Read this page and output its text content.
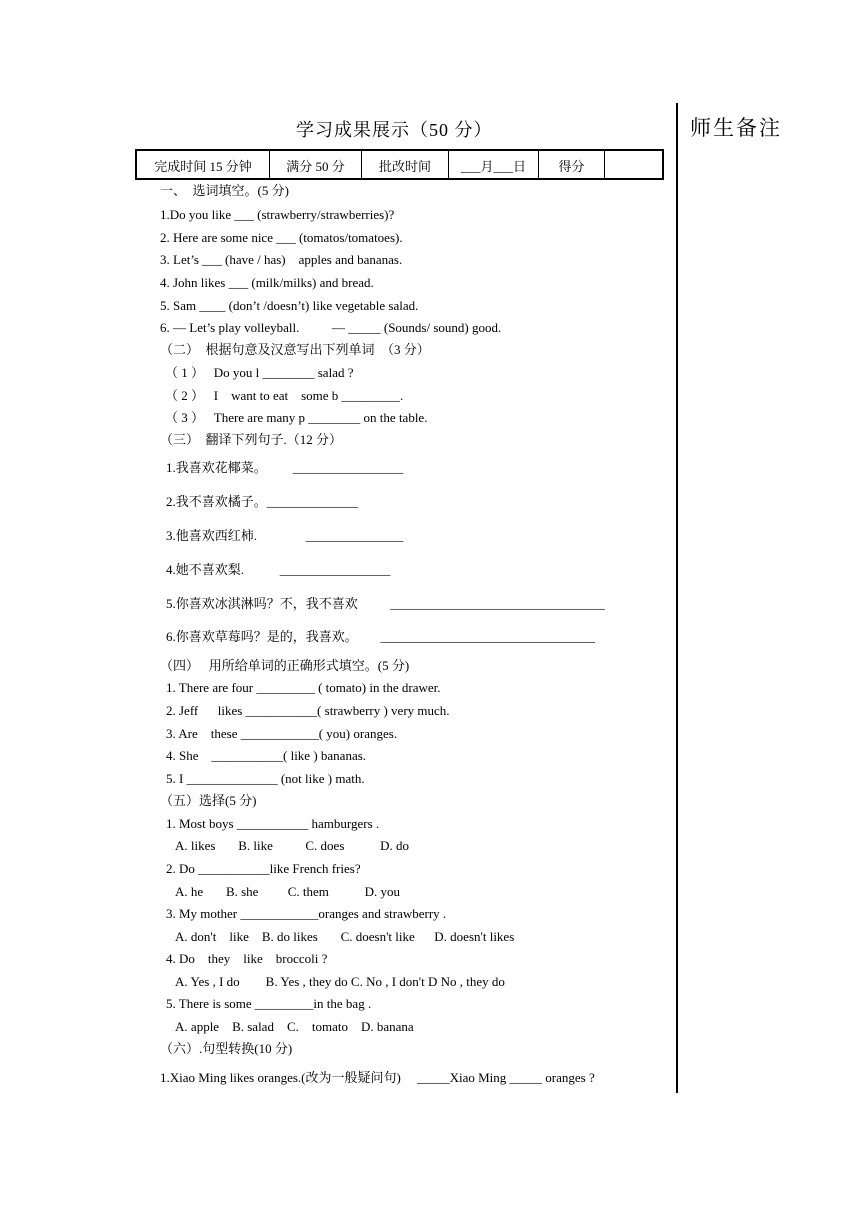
学习成果展示（50 分）	师生备注
完成时间 15 分钟	满分 50 分	批改时间	___月___日	得分
一、  选词填空。(5 分)
1.Do you like ___ (strawberry/strawberries)?
2. Here are some nice ___ (tomatos/tomatoes).
3. Let’s ___ (have / has)    apples and bananas.
4. John likes ___ (milk/milks) and bread.
5. Sam ____ (don’t /doesn’t) like vegetable salad.
6. — Let’s play volleyball.          — _____ (Sounds/ sound) good.
（二）  根据句意及汉意写出下列单词  （3 分）
（ 1 ）   Do you l ________ salad ?
（ 2 ）   I    want to eat    some b _________.
（ 3 ）   There are many p ________ on the table.
（三）  翻译下列句子.（12 分）
1.我喜欢花椰菜。        _________________
2.我不喜欢橘子。______________
3.他喜欢西红柿.               _______________
4.她不喜欢梨.           _________________
5.你喜欢冰淇淋吗？不，我不喜欢          _________________________________
6.你喜欢草莓吗？是的，我喜欢。       _________________________________
（四）   用所给单词的正确形式填空。(5 分)
1. There are four _________ ( tomato) in the drawer.
2. Jeff      likes ___________( strawberry ) very much.
3. Are    these ____________( you) oranges.
4. She    ___________( like ) bananas.
5. I ______________ (not like ) math.
（五）选择(5 分)
1. Most boys ___________ hamburgers .
A. likes       B. like          C. does           D. do
2. Do ___________like French fries?
A. he       B. she         C. them           D. you
3. My mother ____________oranges and strawberry .
A. don't    like    B. do likes       C. doesn't like      D. doesn't likes
4. Do    they    like    broccoli ?
A. Yes , I do        B. Yes , they do C. No , I don't D No , they do
5. There is some _________in the bag .
A. apple    B. salad    C.    tomato    D. banana
（六）.句型转换(10 分)
1.Xiao Ming likes oranges.(改为一般疑问句)     _____Xiao Ming _____ oranges ?
